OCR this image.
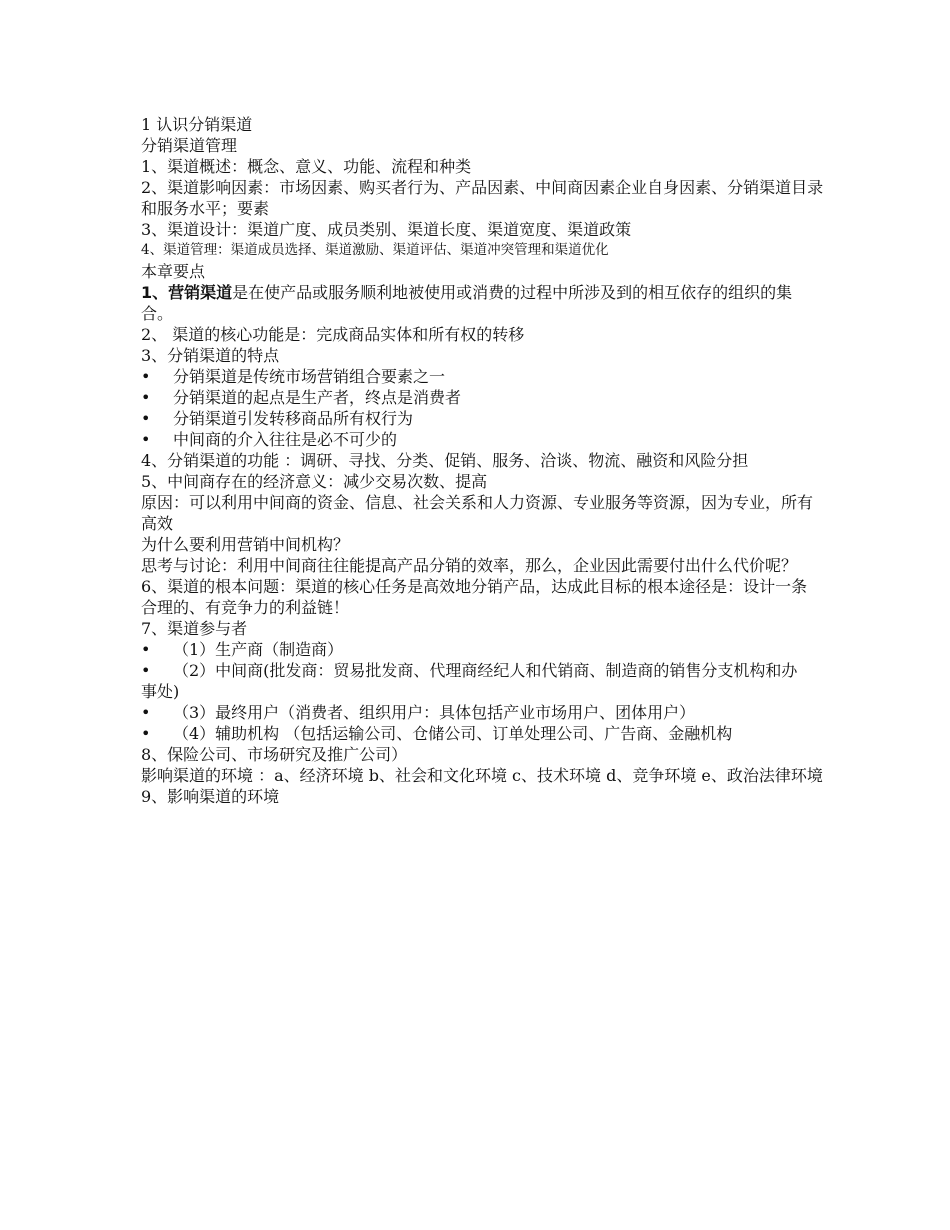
1 认识分销渠道
分销渠道管理
1、渠道概述：概念、意义、功能、流程和种类
2、渠道影响因素：市场因素、购买者行为、产品因素、中间商因素企业自身因素、分销渠道目录和服务水平；要素
3、渠道设计：渠道广度、成员类别、渠道长度、渠道宽度、渠道政策
4、渠道管理：渠道成员选择、渠道激励、渠道评估、渠道冲突管理和渠道优化
本章要点
1、营销渠道是在使产品或服务顺利地被使用或消费的过程中所涉及到的相互依存的组织的集合。
2、 渠道的核心功能是：完成商品实体和所有权的转移
3、分销渠道的特点
• 分销渠道是传统市场营销组合要素之一
• 分销渠道的起点是生产者，终点是消费者
• 分销渠道引发转移商品所有权行为
• 中间商的介入往往是必不可少的
4、分销渠道的功能 ：调研、寻找、分类、促销、服务、洽谈、物流、融资和风险分担
5、中间商存在的经济意义：减少交易次数、提高
原因：可以利用中间商的资金、信息、社会关系和人力资源、专业服务等资源，因为专业，所有高效
为什么要利用营销中间机构？
思考与讨论：利用中间商往往能提高产品分销的效率，那么，企业因此需要付出什么代价呢？
6、渠道的根本问题：渠道的核心任务是高效地分销产品，达成此目标的根本途径是：设计一条合理的、有竞争力的利益链！
7、渠道参与者
• （1）生产商（制造商）
• （2）中间商(批发商：贸易批发商、代理商经纪人和代销商、制造商的销售分支机构和办事处)
• （3）最终用户（消费者、组织用户：具体包括产业市场用户、团体用户）
• （4）辅助机构 （包括运输公司、仓储公司、订单处理公司、广告商、金融机构
8、保险公司、市场研究及推广公司）
影响渠道的环境 ：a、经济环境 b、社会和文化环境 c、技术环境 d、竞争环境 e、政治法律环境
9、影响渠道的环境
